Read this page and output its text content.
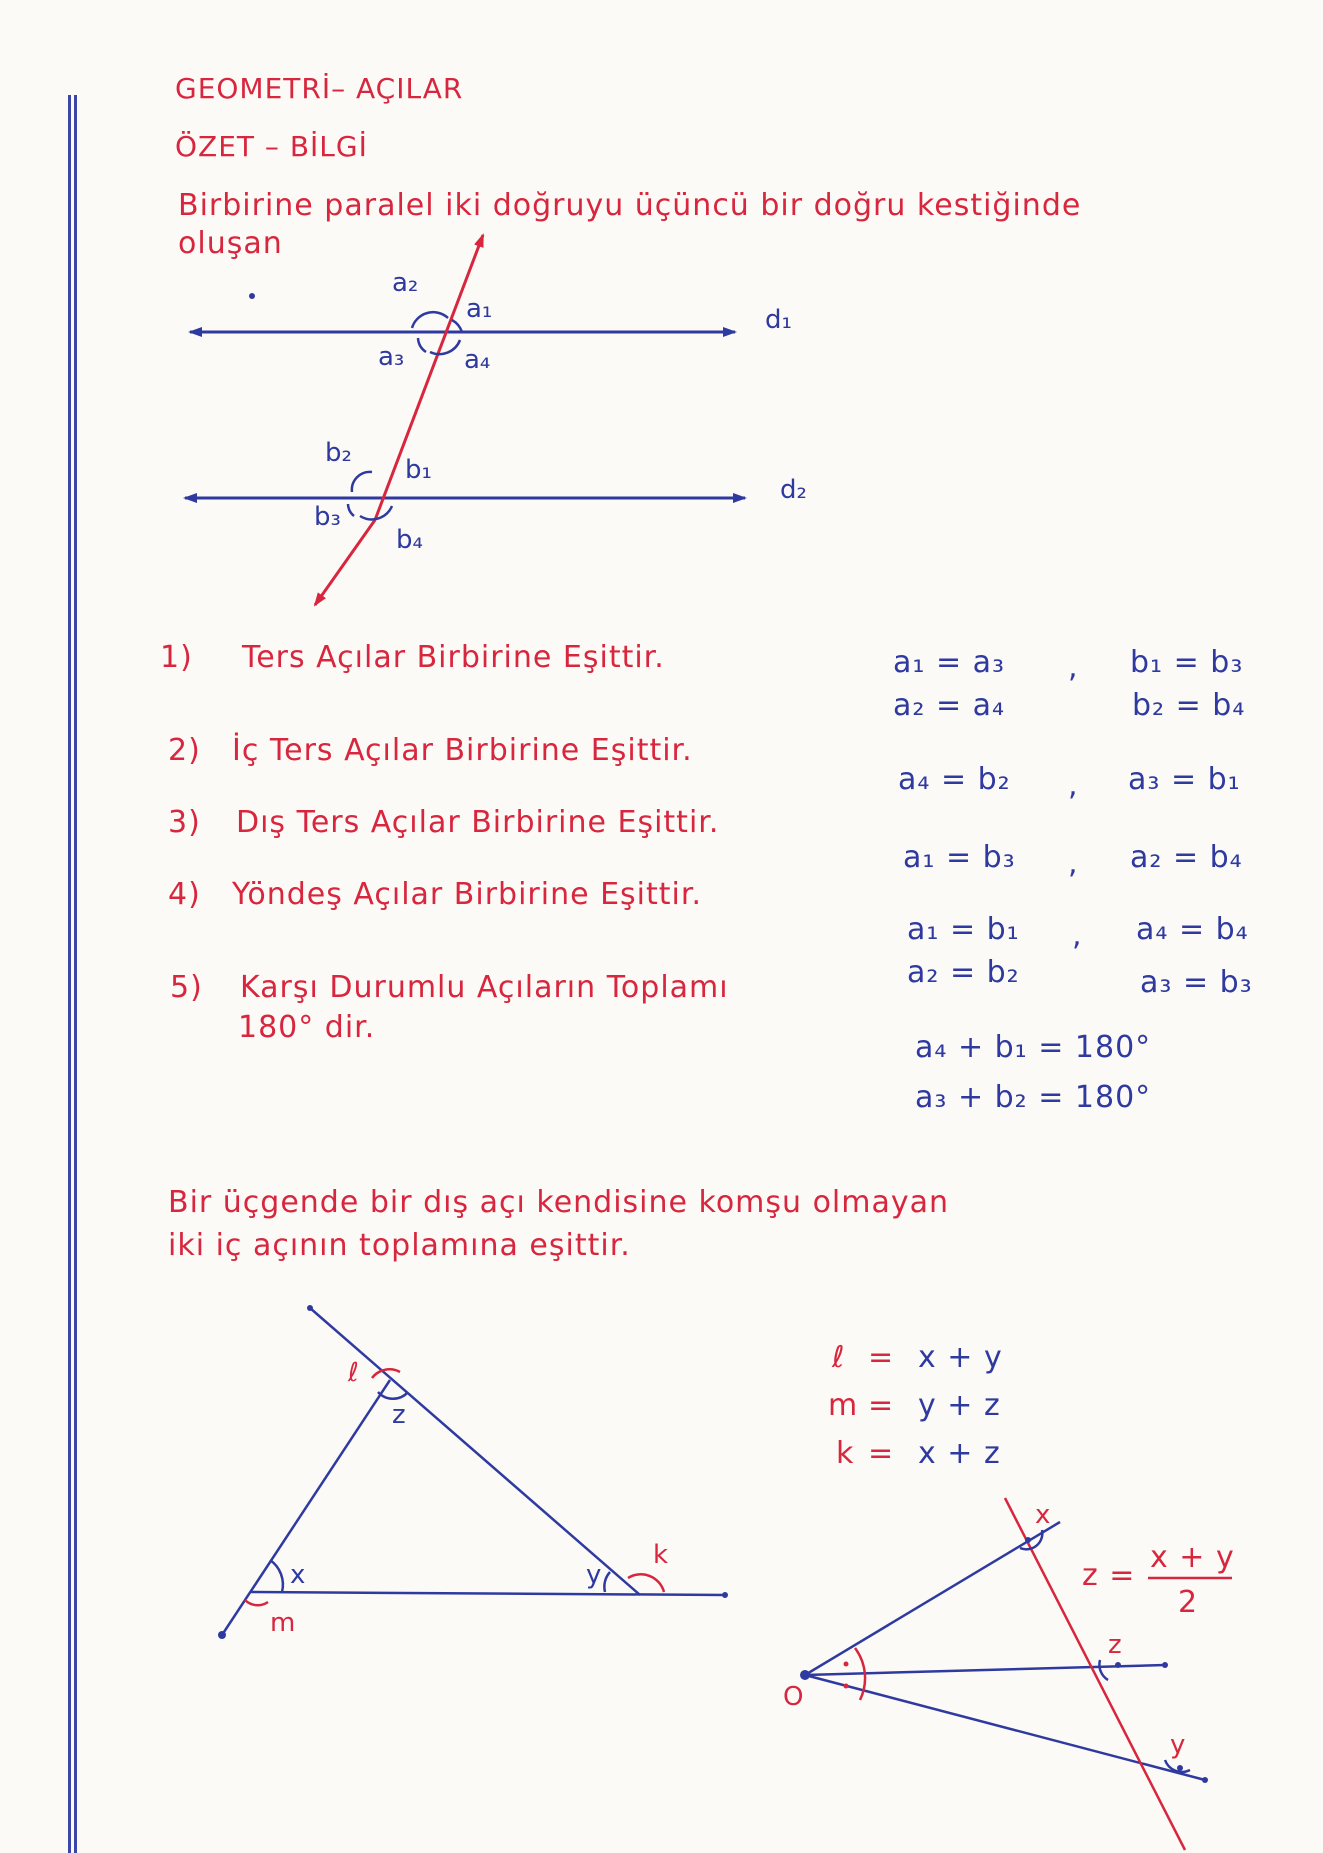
GEOMETRİ– AÇILAR
ÖZET – BİLGİ
Birbirine paralel iki doğruyu üçüncü bir doğru kestiğinde
oluşan
a₂
a₁
a₃ a₄
d₁
b₂
b₁
b₃
b₄
d₂
1) Ters Açılar Birbirine Eşittir.
2) İç Ters Açılar Birbirine Eşittir.
3) Dış Ters Açılar Birbirine Eşittir.
4) Yöndeş Açılar Birbirine Eşittir.
5) Karşı Durumlu Açıların Toplamı
180° dir.
a₁ = a₃ , b₁ = b₃
a₂ = a₄	b₂ = b₄
a₄ = b₂ , a₃ = b₁
a₁ = b₃ , a₂ = b₄
a₁ = b₁ , a₄ = b₄
a₂ = b₂	a₃ = b₃
a₄ + b₁ = 180°
a₃ + b₂ = 180°
Bir üçgende bir dış açı kendisine komşu olmayan
iki iç açının toplamına eşittir.
ℓ
z
x
m
y
k
ℓ = x + y
m = y + z
k = x + z
O
x
z
y
z =
x + y
2
